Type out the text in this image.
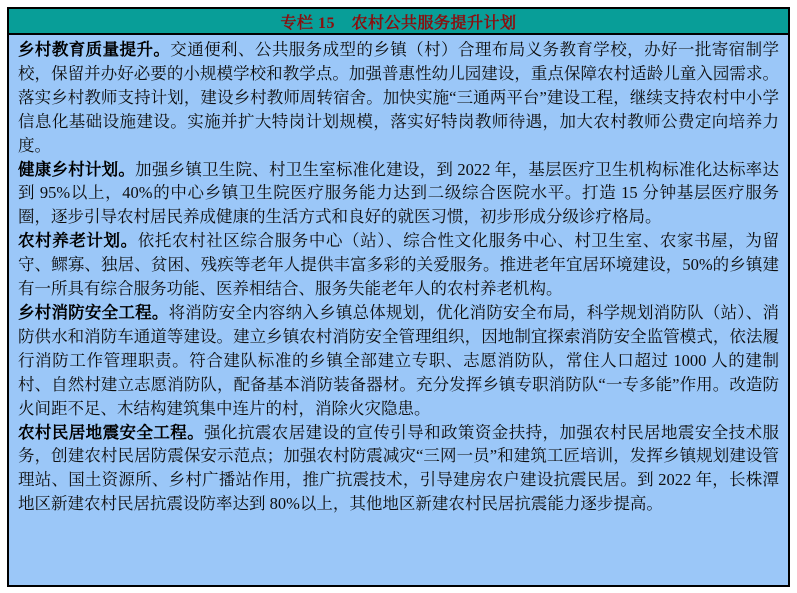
专栏 15　农村公共服务提升计划

乡村教育质量提升。交通便利、公共服务成型的乡镇（村）合理布局义务教育学校，办好一批寄宿制学校，保留并办好必要的小规模学校和教学点。加强普惠性幼儿园建设，重点保障农村适龄儿童入园需求。落实乡村教师支持计划，建设乡村教师周转宿舍。加快实施“三通两平台”建设工程，继续支持农村中小学信息化基础设施建设。实施并扩大特岗计划规模，落实好特岗教师待遇，加大农村教师公费定向培养力度。

健康乡村计划。加强乡镇卫生院、村卫生室标准化建设，到 2022 年，基层医疗卫生机构标准化达标率达到 95%以上，40%的中心乡镇卫生院医疗服务能力达到二级综合医院水平。打造 15 分钟基层医疗服务圈，逐步引导农村居民养成健康的生活方式和良好的就医习惯，初步形成分级诊疗格局。

农村养老计划。依托农村社区综合服务中心（站）、综合性文化服务中心、村卫生室、农家书屋，为留守、鳏寡、独居、贫困、残疾等老年人提供丰富多彩的关爱服务。推进老年宜居环境建设，50%的乡镇建有一所具有综合服务功能、医养相结合、服务失能老年人的农村养老机构。

乡村消防安全工程。将消防安全内容纳入乡镇总体规划，优化消防安全布局，科学规划消防队（站）、消防供水和消防车通道等建设。建立乡镇农村消防安全管理组织，因地制宜探索消防安全监管模式，依法履行消防工作管理职责。符合建队标准的乡镇全部建立专职、志愿消防队，常住人口超过 1000 人的建制村、自然村建立志愿消防队，配备基本消防装备器材。充分发挥乡镇专职消防队“一专多能”作用。改造防火间距不足、木结构建筑集中连片的村，消除火灾隐患。

农村民居地震安全工程。强化抗震农居建设的宣传引导和政策资金扶持，加强农村民居地震安全技术服务，创建农村民居防震保安示范点；加强农村防震减灾“三网一员”和建筑工匠培训，发挥乡镇规划建设管理站、国土资源所、乡村广播站作用，推广抗震技术，引导建房农户建设抗震民居。到 2022 年，长株潭地区新建农村民居抗震设防率达到 80%以上，其他地区新建农村民居抗震能力逐步提高。
